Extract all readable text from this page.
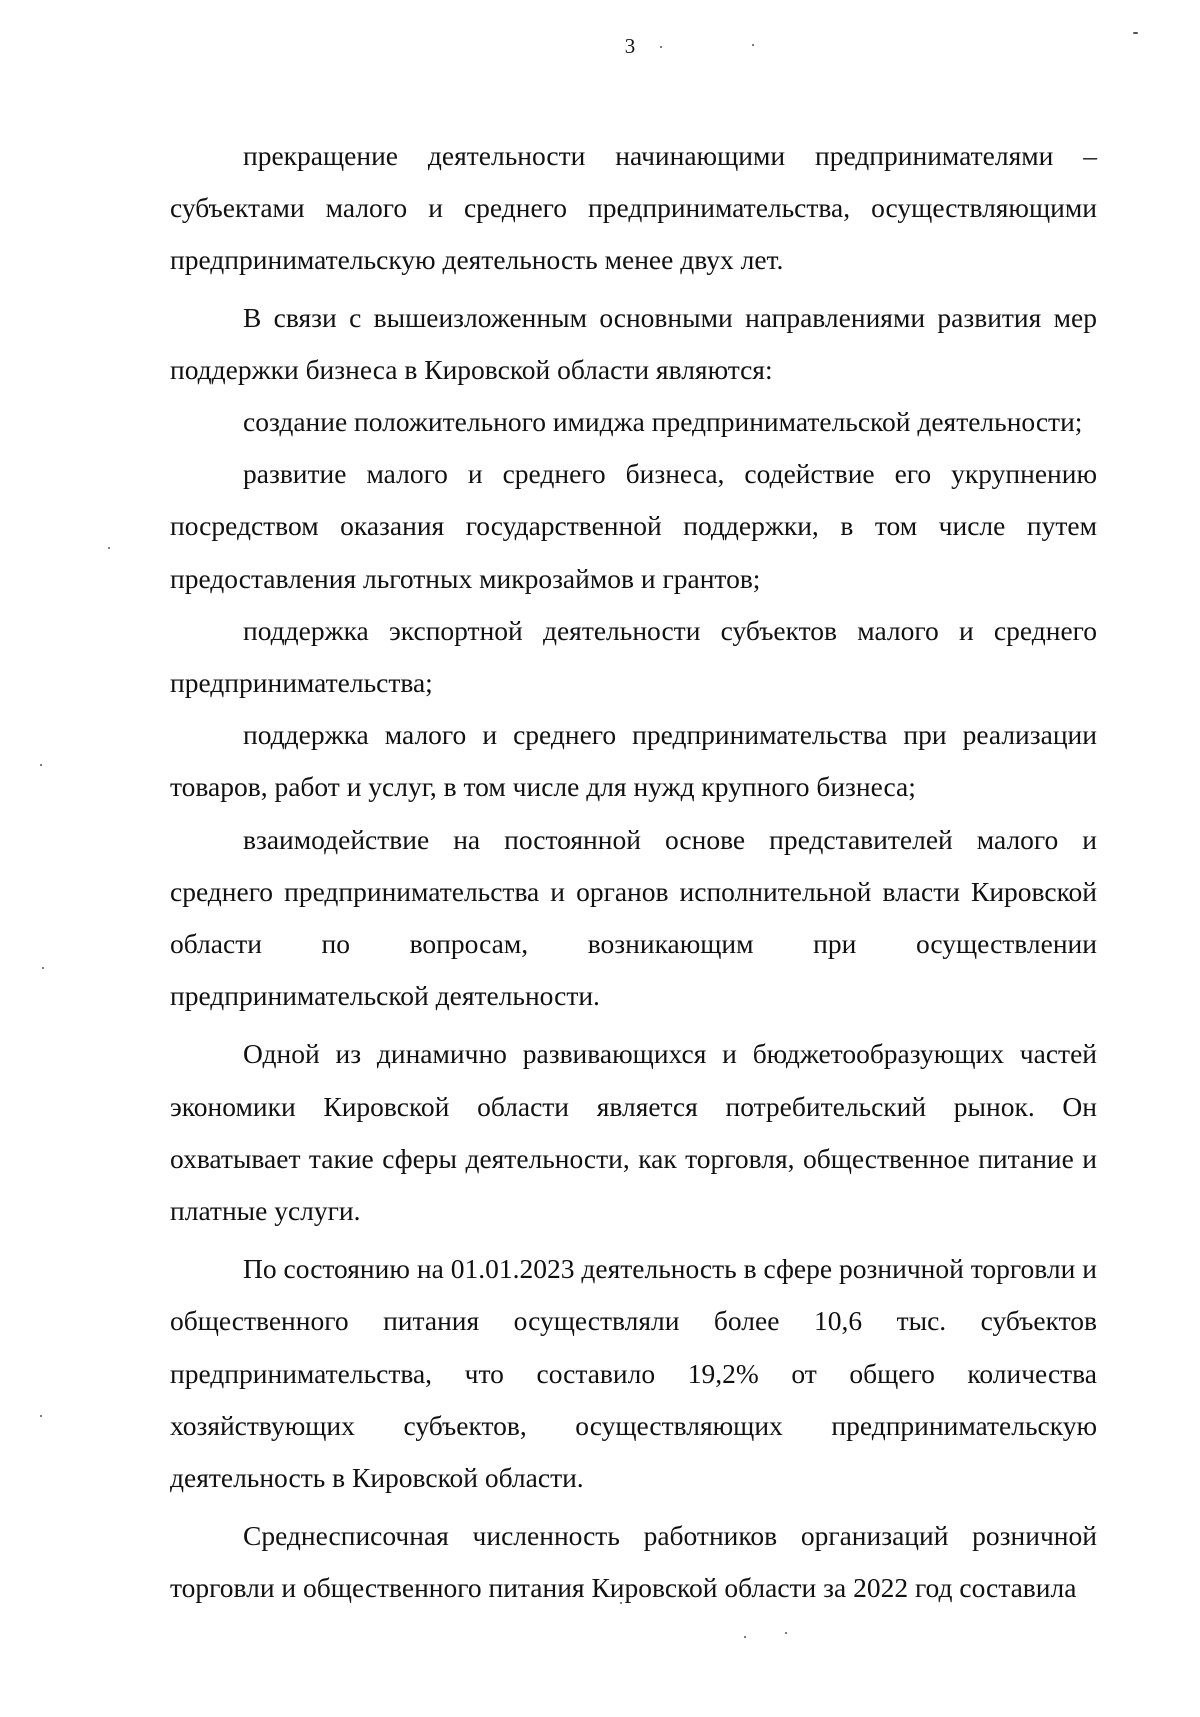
3

прекращение деятельности начинающими предпринимателями – субъектами малого и среднего предпринимательства, осуществляющими предпринимательскую деятельность менее двух лет.

В связи с вышеизложенным основными направлениями развития мер поддержки бизнеса в Кировской области являются:

создание положительного имиджа предпринимательской деятельности;

развитие малого и среднего бизнеса, содействие его укрупнению посредством оказания государственной поддержки, в том числе путем предоставления льготных микрозаймов и грантов;

поддержка экспортной деятельности субъектов малого и среднего предпринимательства;

поддержка малого и среднего предпринимательства при реализации товаров, работ и услуг, в том числе для нужд крупного бизнеса;

взаимодействие на постоянной основе представителей малого и среднего предпринимательства и органов исполнительной власти Кировской области по вопросам, возникающим при осуществлении предпринимательской деятельности.

Одной из динамично развивающихся и бюджетообразующих частей экономики Кировской области является потребительский рынок. Он охватывает такие сферы деятельности, как торговля, общественное питание и платные услуги.

По состоянию на 01.01.2023 деятельность в сфере розничной торговли и общественного питания осуществляли более 10,6 тыс. субъектов предпринимательства, что составило 19,2% от общего количества хозяйствующих субъектов, осуществляющих предпринимательскую деятельность в Кировской области.

Среднесписочная численность работников организаций розничной торговли и общественного питания Кировской области за 2022 год составила
